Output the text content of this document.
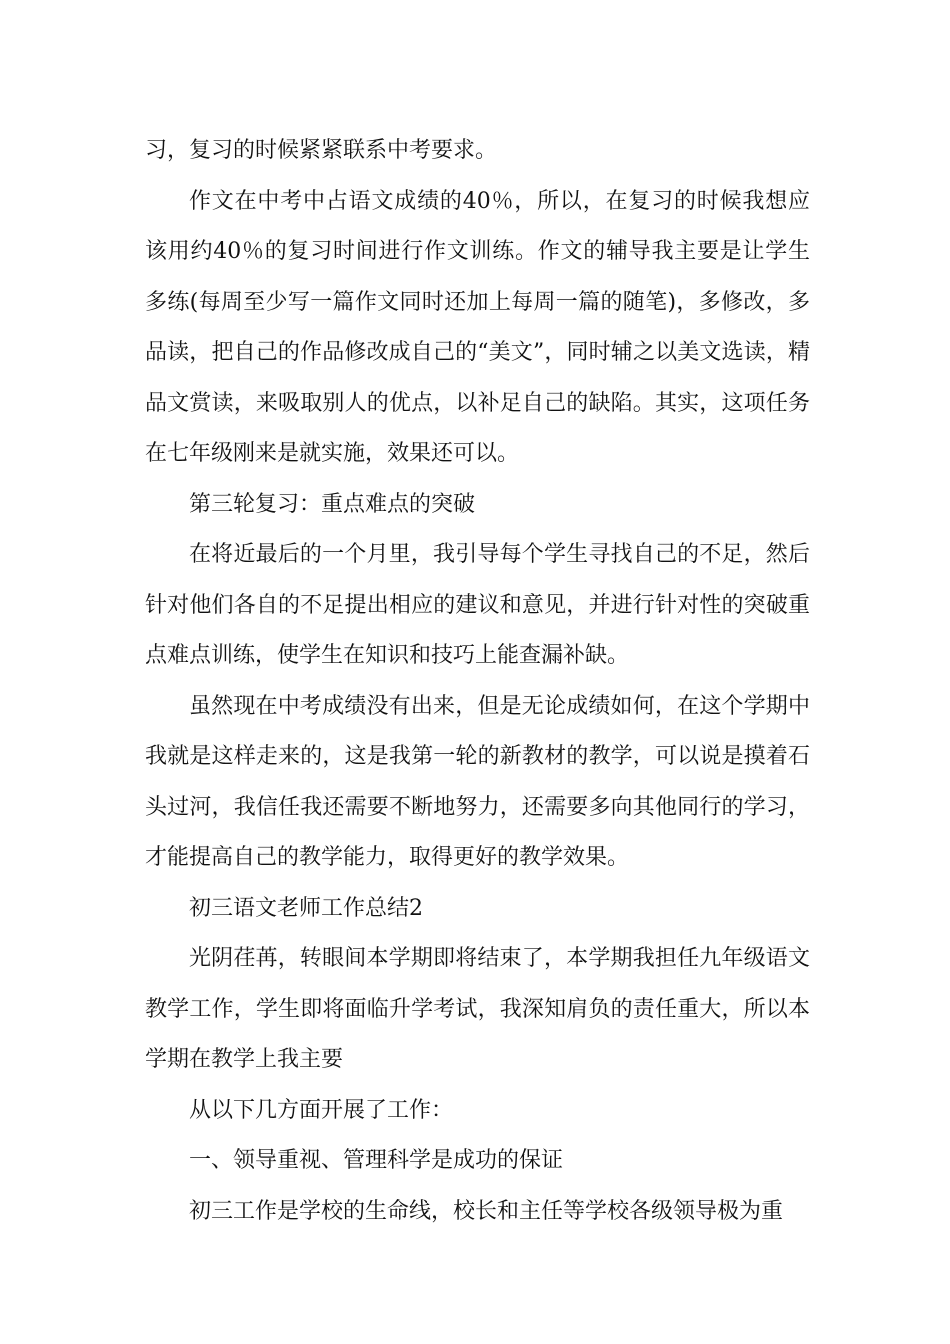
习，复习的时候紧紧联系中考要求。

作文在中考中占语文成绩的40％，所以，在复习的时候我想应该用约40％的复习时间进行作文训练。作文的辅导我主要是让学生多练(每周至少写一篇作文同时还加上每周一篇的随笔)，多修改，多品读，把自己的作品修改成自己的“美文”，同时辅之以美文选读，精品文赏读，来吸取别人的优点，以补足自己的缺陷。其实，这项任务在七年级刚来是就实施，效果还可以。

第三轮复习：重点难点的突破

在将近最后的一个月里，我引导每个学生寻找自己的不足，然后针对他们各自的不足提出相应的建议和意见，并进行针对性的突破重点难点训练，使学生在知识和技巧上能查漏补缺。

虽然现在中考成绩没有出来，但是无论成绩如何，在这个学期中我就是这样走来的，这是我第一轮的新教材的教学，可以说是摸着石头过河，我信任我还需要不断地努力，还需要多向其他同行的学习，才能提高自己的教学能力，取得更好的教学效果。

初三语文老师工作总结2

光阴荏苒，转眼间本学期即将结束了，本学期我担任九年级语文教学工作，学生即将面临升学考试，我深知肩负的责任重大，所以本学期在教学上我主要

从以下几方面开展了工作：

一、领导重视、管理科学是成功的保证

初三工作是学校的生命线，校长和主任等学校各级领导极为重
